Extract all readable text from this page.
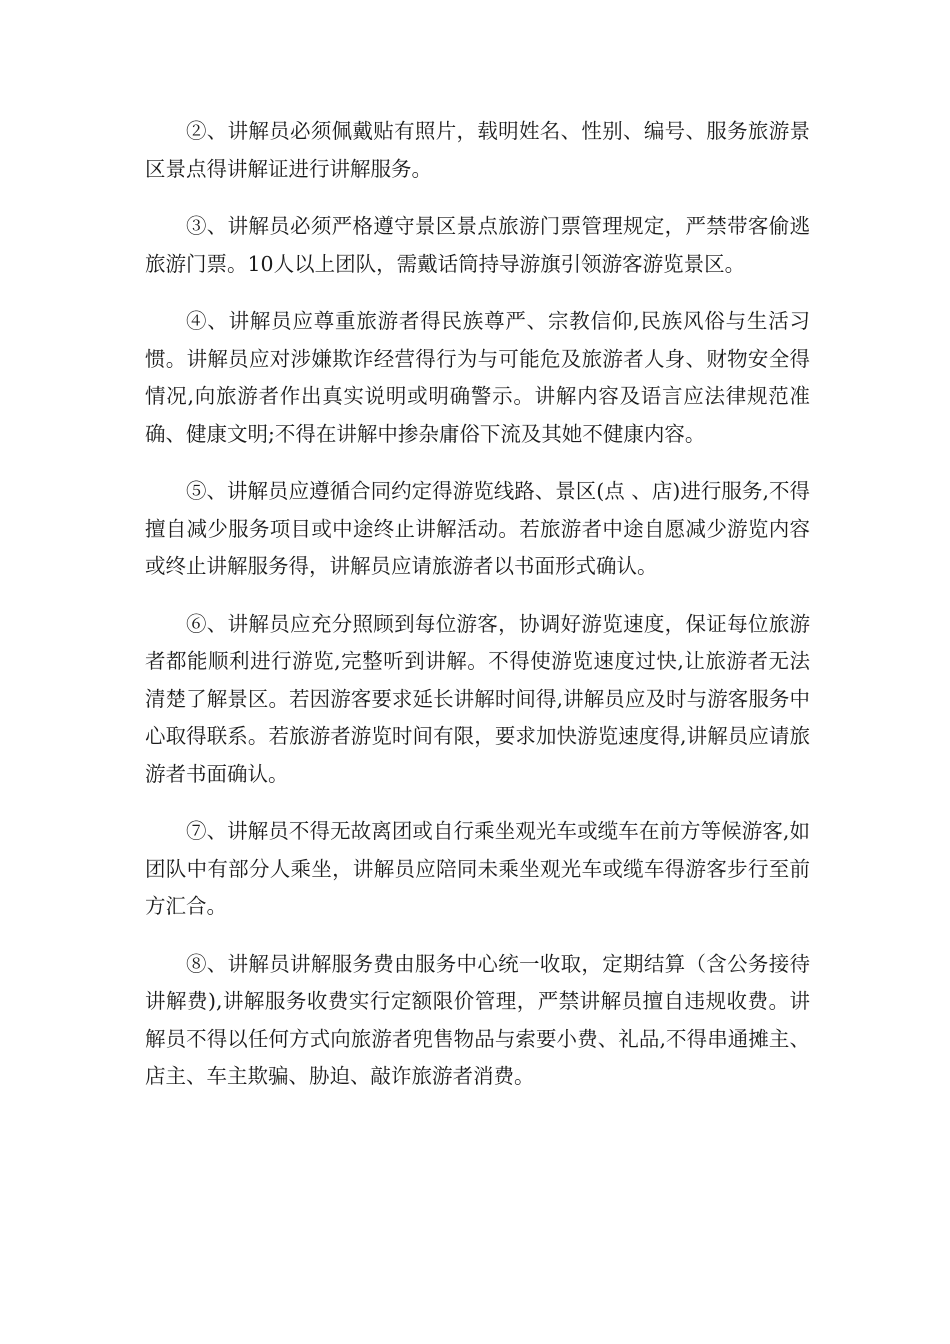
②、讲解员必须佩戴贴有照片，载明姓名、性别、编号、服务旅游景区景点得讲解证进行讲解服务。

③、讲解员必须严格遵守景区景点旅游门票管理规定，严禁带客偷逃旅游门票。10人以上团队，需戴话筒持导游旗引领游客游览景区。

④、讲解员应尊重旅游者得民族尊严、宗教信仰,民族风俗与生活习惯。讲解员应对涉嫌欺诈经营得行为与可能危及旅游者人身、财物安全得情况,向旅游者作出真实说明或明确警示。讲解内容及语言应法律规范准确、健康文明;不得在讲解中掺杂庸俗下流及其她不健康内容。

⑤、讲解员应遵循合同约定得游览线路、景区(点 、店)进行服务,不得擅自减少服务项目或中途终止讲解活动。若旅游者中途自愿减少游览内容或终止讲解服务得，讲解员应请旅游者以书面形式确认。

⑥、讲解员应充分照顾到每位游客，协调好游览速度，保证每位旅游者都能顺利进行游览,完整听到讲解。不得使游览速度过快,让旅游者无法清楚了解景区。若因游客要求延长讲解时间得,讲解员应及时与游客服务中心取得联系。若旅游者游览时间有限，要求加快游览速度得,讲解员应请旅游者书面确认。

⑦、讲解员不得无故离团或自行乘坐观光车或缆车在前方等候游客,如团队中有部分人乘坐，讲解员应陪同未乘坐观光车或缆车得游客步行至前方汇合。

⑧、讲解员讲解服务费由服务中心统一收取，定期结算（含公务接待讲解费),讲解服务收费实行定额限价管理，严禁讲解员擅自违规收费。讲解员不得以任何方式向旅游者兜售物品与索要小费、礼品,不得串通摊主、店主、车主欺骗、胁迫、敲诈旅游者消费。
